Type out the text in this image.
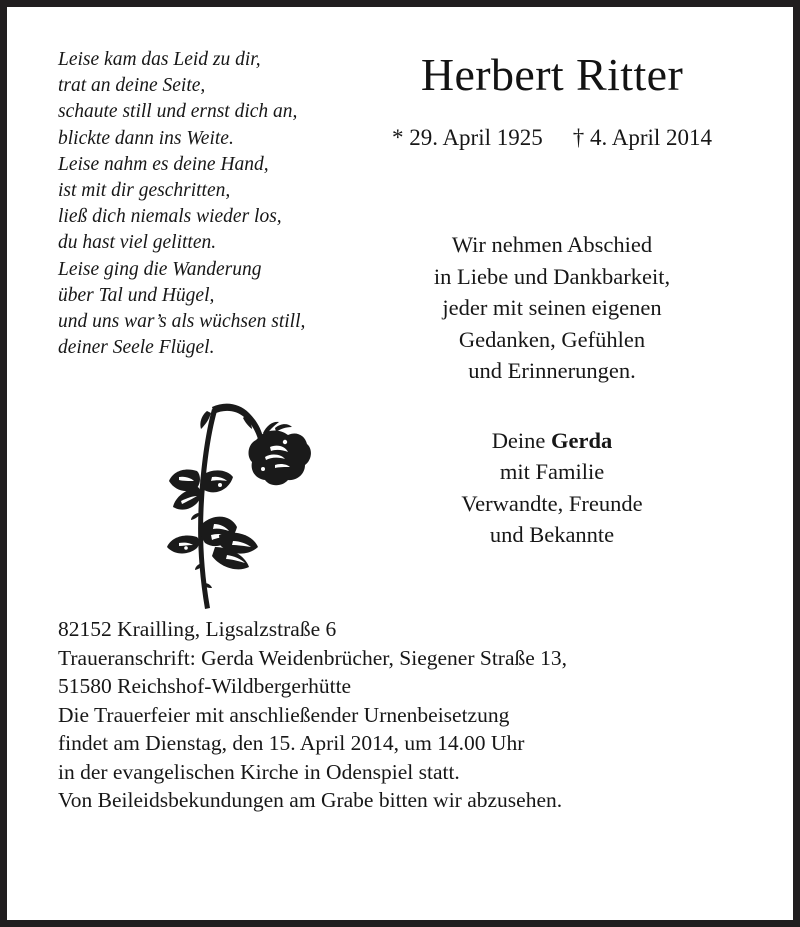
Leise kam das Leid zu dir,
trat an deine Seite,
schaute still und ernst dich an,
blickte dann ins Weite.
Leise nahm es deine Hand,
ist mit dir geschritten,
ließ dich niemals wieder los,
du hast viel gelitten.
Leise ging die Wanderung
über Tal und Hügel,
und uns war’s als wüchsen still,
deiner Seele Flügel.
Herbert Ritter
* 29. April 1925 † 4. April 2014
Wir nehmen Abschied
in Liebe und Dankbarkeit,
jeder mit seinen eigenen
Gedanken, Gefühlen
und Erinnerungen.
Deine Gerda
mit Familie
Verwandte, Freunde
und Bekannte
82152 Krailling, Ligsalzstraße 6
Traueranschrift: Gerda Weidenbrücher, Siegener Straße 13,
51580 Reichshof-Wildbergerhütte
Die Trauerfeier mit anschließender Urnenbeisetzung
findet am Dienstag, den 15. April 2014, um 14.00 Uhr
in der evangelischen Kirche in Odenspiel statt.
Von Beileidsbekundungen am Grabe bitten wir abzusehen.
